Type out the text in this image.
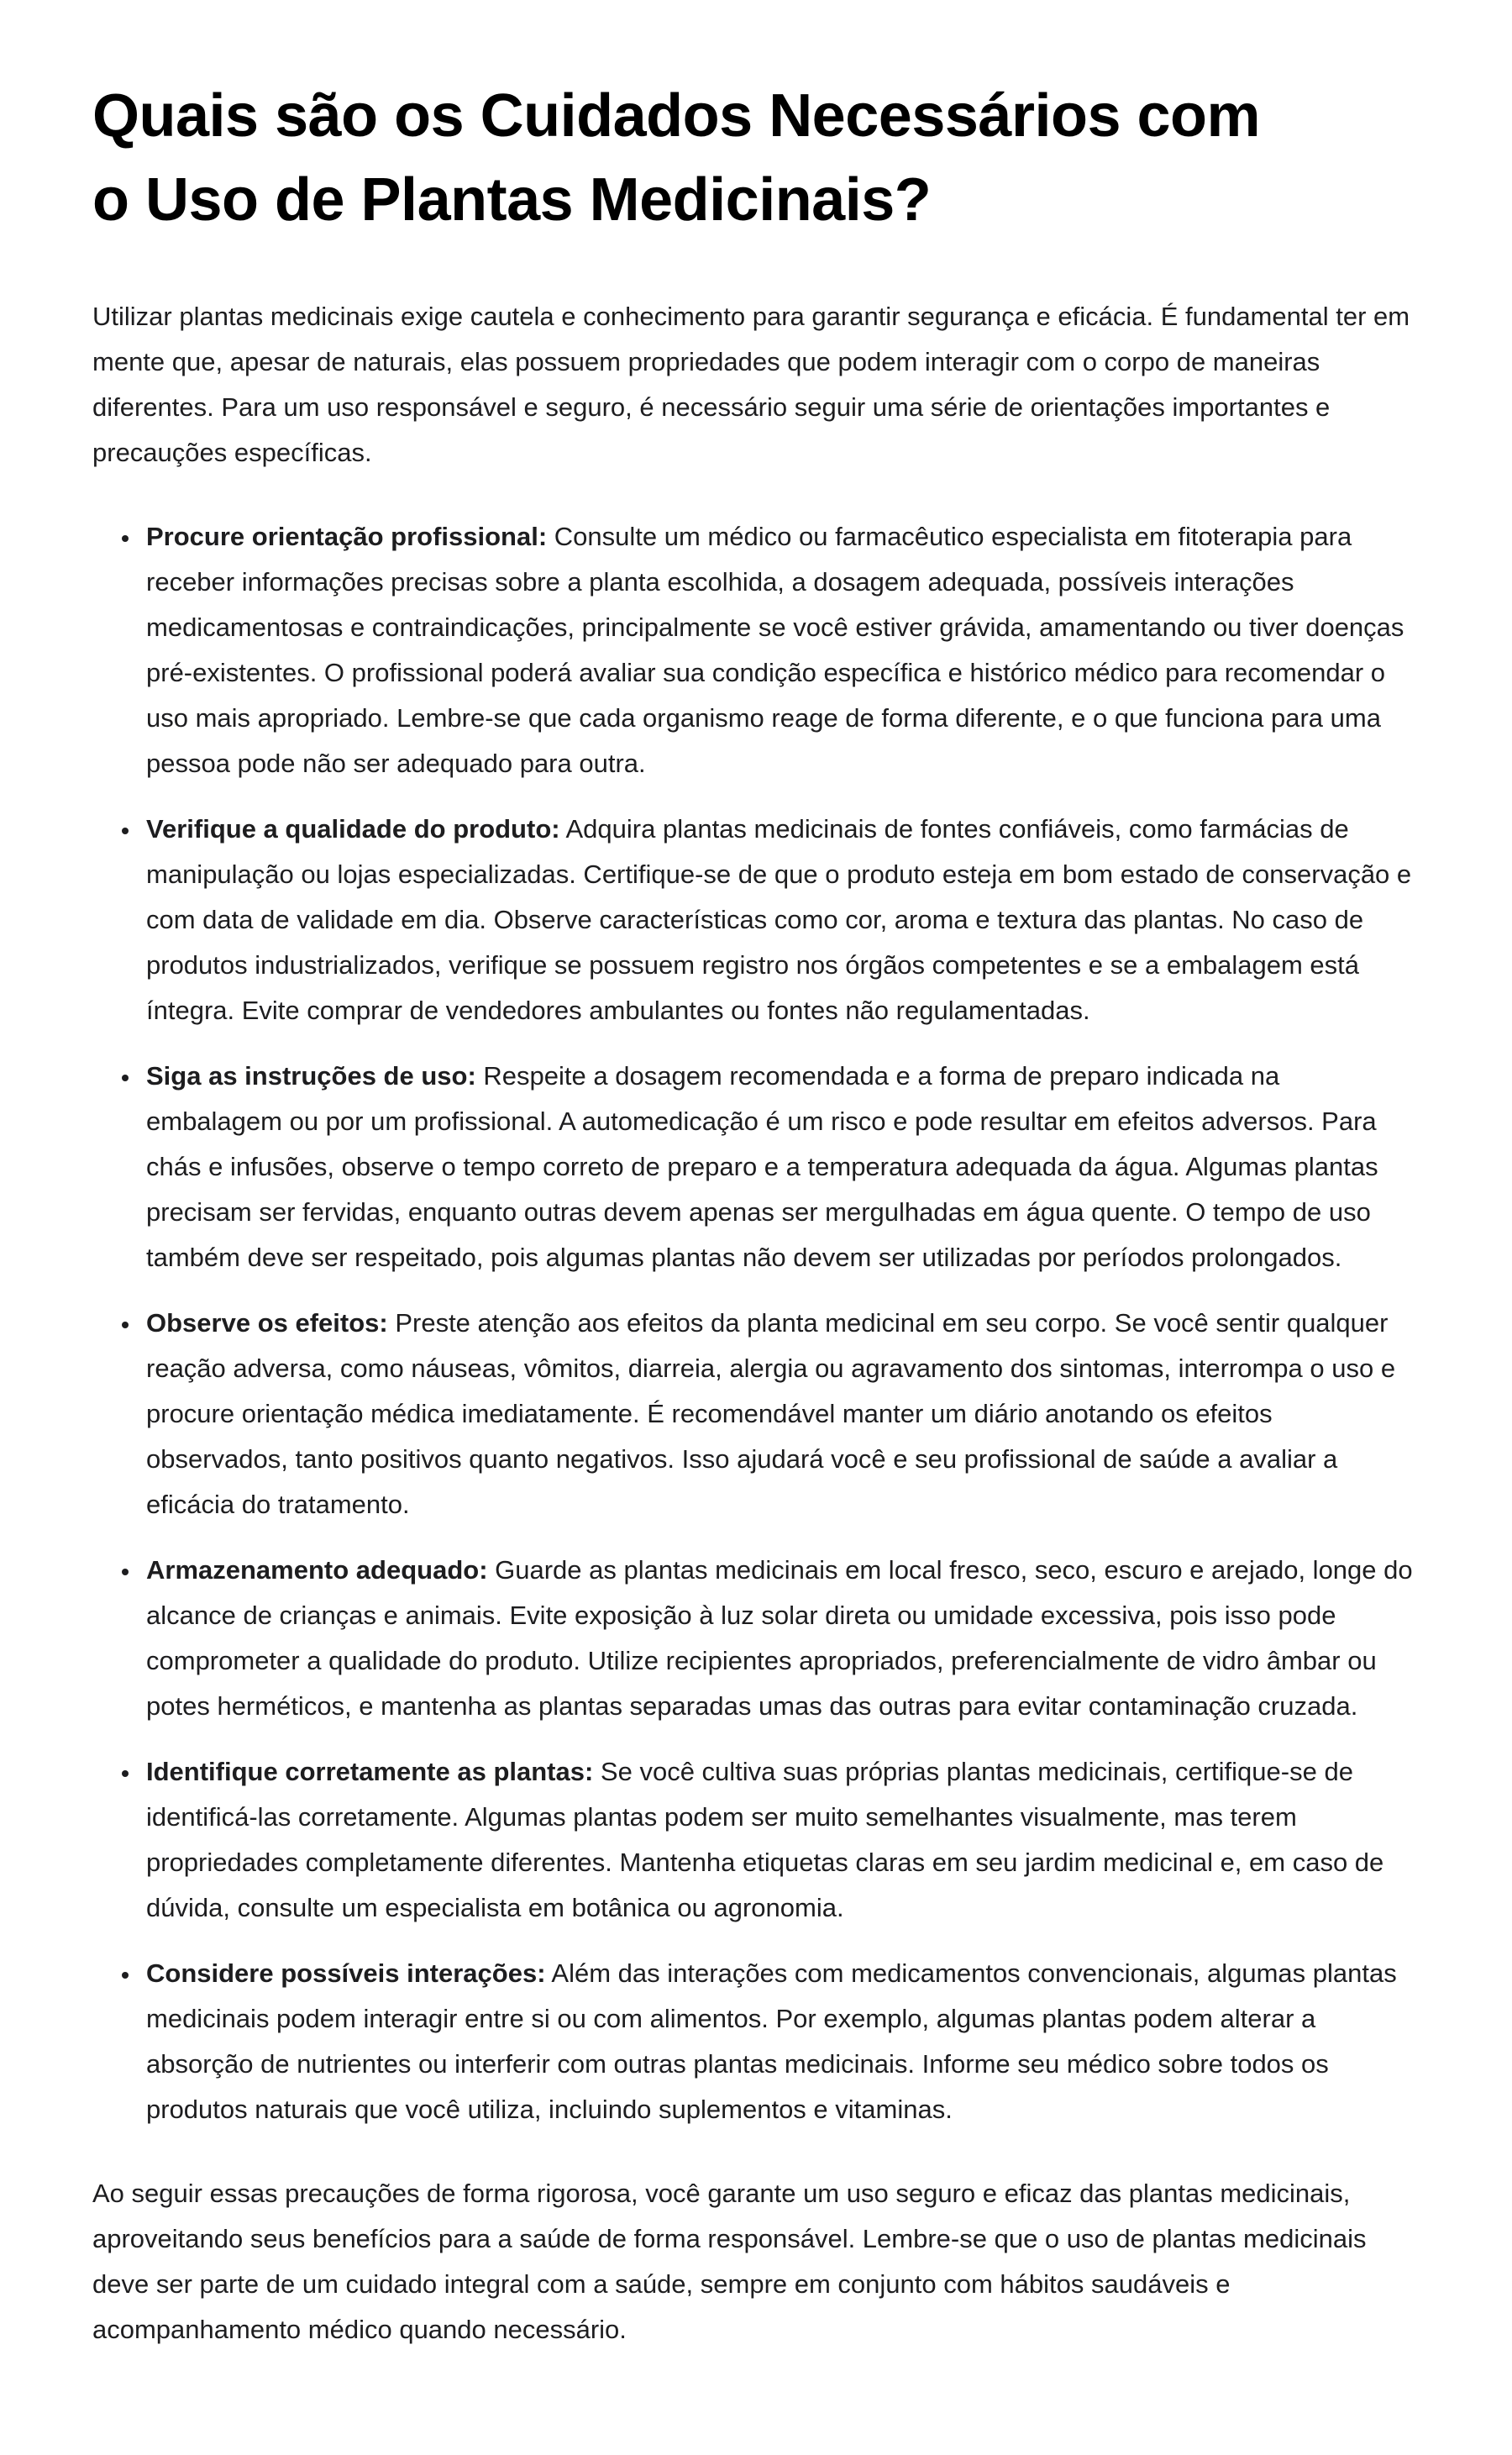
Quais são os Cuidados Necessários com
o Uso de Plantas Medicinais?

Utilizar plantas medicinais exige cautela e conhecimento para garantir segurança e eficácia. É fundamental ter em mente que, apesar de naturais, elas possuem propriedades que podem interagir com o corpo de maneiras diferentes. Para um uso responsável e seguro, é necessário seguir uma série de orientações importantes e precauções específicas.

• Procure orientação profissional: Consulte um médico ou farmacêutico especialista em fitoterapia para receber informações precisas sobre a planta escolhida, a dosagem adequada, possíveis interações medicamentosas e contraindicações, principalmente se você estiver grávida, amamentando ou tiver doenças pré-existentes. O profissional poderá avaliar sua condição específica e histórico médico para recomendar o uso mais apropriado. Lembre-se que cada organismo reage de forma diferente, e o que funciona para uma pessoa pode não ser adequado para outra.
• Verifique a qualidade do produto: Adquira plantas medicinais de fontes confiáveis, como farmácias de manipulação ou lojas especializadas. Certifique-se de que o produto esteja em bom estado de conservação e com data de validade em dia. Observe características como cor, aroma e textura das plantas. No caso de produtos industrializados, verifique se possuem registro nos órgãos competentes e se a embalagem está íntegra. Evite comprar de vendedores ambulantes ou fontes não regulamentadas.
• Siga as instruções de uso: Respeite a dosagem recomendada e a forma de preparo indicada na embalagem ou por um profissional. A automedicação é um risco e pode resultar em efeitos adversos. Para chás e infusões, observe o tempo correto de preparo e a temperatura adequada da água. Algumas plantas precisam ser fervidas, enquanto outras devem apenas ser mergulhadas em água quente. O tempo de uso também deve ser respeitado, pois algumas plantas não devem ser utilizadas por períodos prolongados.
• Observe os efeitos: Preste atenção aos efeitos da planta medicinal em seu corpo. Se você sentir qualquer reação adversa, como náuseas, vômitos, diarreia, alergia ou agravamento dos sintomas, interrompa o uso e procure orientação médica imediatamente. É recomendável manter um diário anotando os efeitos observados, tanto positivos quanto negativos. Isso ajudará você e seu profissional de saúde a avaliar a eficácia do tratamento.
• Armazenamento adequado: Guarde as plantas medicinais em local fresco, seco, escuro e arejado, longe do alcance de crianças e animais. Evite exposição à luz solar direta ou umidade excessiva, pois isso pode comprometer a qualidade do produto. Utilize recipientes apropriados, preferencialmente de vidro âmbar ou potes herméticos, e mantenha as plantas separadas umas das outras para evitar contaminação cruzada.
• Identifique corretamente as plantas: Se você cultiva suas próprias plantas medicinais, certifique-se de identificá-las corretamente. Algumas plantas podem ser muito semelhantes visualmente, mas terem propriedades completamente diferentes. Mantenha etiquetas claras em seu jardim medicinal e, em caso de dúvida, consulte um especialista em botânica ou agronomia.
• Considere possíveis interações: Além das interações com medicamentos convencionais, algumas plantas medicinais podem interagir entre si ou com alimentos. Por exemplo, algumas plantas podem alterar a absorção de nutrientes ou interferir com outras plantas medicinais. Informe seu médico sobre todos os produtos naturais que você utiliza, incluindo suplementos e vitaminas.

Ao seguir essas precauções de forma rigorosa, você garante um uso seguro e eficaz das plantas medicinais, aproveitando seus benefícios para a saúde de forma responsável. Lembre-se que o uso de plantas medicinais deve ser parte de um cuidado integral com a saúde, sempre em conjunto com hábitos saudáveis e acompanhamento médico quando necessário.
